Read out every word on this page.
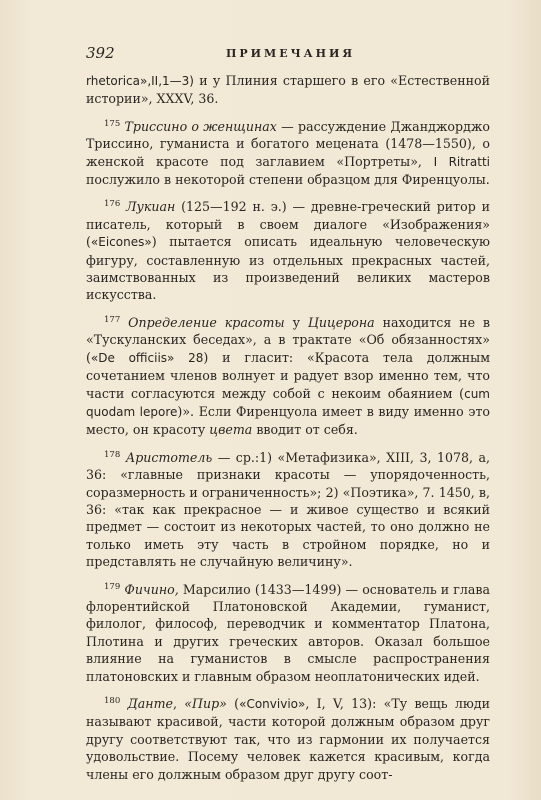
392	ПРИМЕЧАНИЯ

rhetorica»,II,1—3) и у Плиния старшего в его «Естественной истории», XXXV, 36.

$^{175}$ Триссино о женщинах — рассуждение Джанджорджо Триссино, гуманиста и богатого мецената (1478—1550), о женской красоте под заглавием «Портреты», I Ritratti послужило в некоторой степени образцом для Фиренцуолы.

$^{176}$ Лукиан (125—192 н. э.) — древне-греческий ритор и писатель, который в своем диалоге «Изображения» («Eicones») пытается описать идеальную человеческую фигуру, составленную из отдельных прекрасных частей, заимствованных из произведений великих мастеров искусства.

$^{177}$ Определение красоты у Цицерона находится не в «Тускуланских беседах», а в трактате «Об обязанностях» («De officiis» 28) и гласит: «Красота тела должным сочетанием членов волнует и радует взор именно тем, что части согласуются между собой с некоим обаянием (cum quodam lepore)». Если Фиренцуола имеет в виду именно это место, он красоту цвета вводит от себя.

$^{178}$ Аристотель — ср.:1) «Метафизика», XIII, 3, 1078, a, 36: «главные признаки красоты — упорядоченность, соразмерность и ограниченность»; 2) «Поэтика», 7. 1450, в, 36: «так как прекрасное — и живое существо и всякий предмет — состоит из некоторых частей, то оно должно не только иметь эту часть в стройном порядке, но и представлять не случайную величину».

$^{179}$ Фичино, Марсилио (1433—1499) — основатель и глава флорентийской Платоновской Академии, гуманист, филолог, философ, переводчик и комментатор Платона, Плотина и других греческих авторов. Оказал большое влияние на гуманистов в смысле распространения платоновских и главным образом неоплатонических идей.

$^{180}$ Данте, «Пир» («Convivio», I, V, 13): «Ту вещь люди называют красивой, части которой должным образом друг другу соответствуют так, что из гармонии их получается удовольствие. Посему человек кажется красивым, когда члены его должным образом друг другу соот-
